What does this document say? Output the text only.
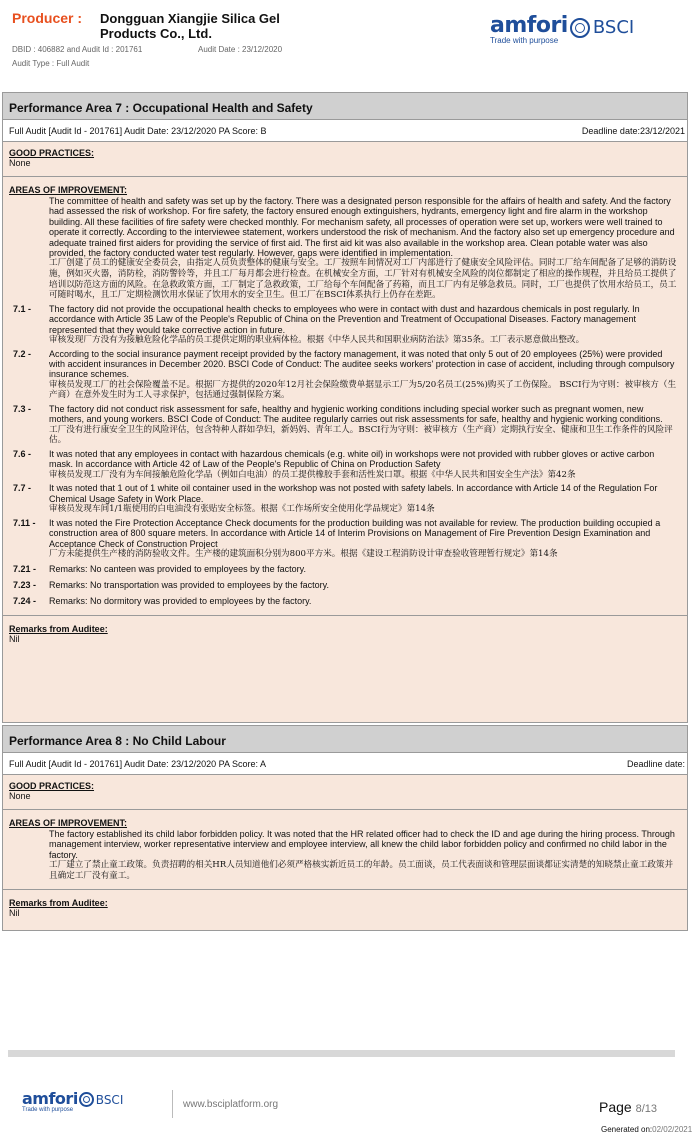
Producer : Dongguan Xiangjie Silica Gel
Products Co., Ltd.
DBID : 406882 and Audit Id : 201761	Audit Date : 23/12/2020
Audit Type : Full Audit
amfori BSCI
Trade with purpose
Performance Area 7 : Occupational Health and Safety
Full Audit [Audit Id - 201761] Audit Date: 23/12/2020 PA Score: B	Deadline date:23/12/2021
GOOD PRACTICES:
None
AREAS OF IMPROVEMENT:
The committee of health and safety was set up by the factory. There was a designated person responsible for the affairs of health and safety. And the factory had assessed the risk of workshop. For fire safety, the factory ensured enough extinguishers, hydrants, emergency light and fire alarm in the workshop building. All these facilities of fire safety were checked monthly. For mechanism safety, all processes of operation were set up, workers were well trained to operate it correctly. According to the interviewee statement, workers understood the risk of mechanism. And the factory also set up emergency procedure and adequate trained first aiders for providing the service of first aid. The first aid kit was also available in the workshop area. Clean potable water was also provided, the factory conducted water test regularly. However, gaps were identified in implementation.
工厂创建了员工的健康安全委员会，由指定人员负责整体的健康与安全。工厂按照车间情况对工厂内部进行了健康安全风险评估。同时工厂给车间配备了足够的消防设施，例如灭火器，消防栓，消防警铃等，并且工厂每月都会进行检查。在机械安全方面，工厂针对有机械安全风险的岗位都制定了相应的操作规程，并且给员工提供了培训以防范这方面的风险。在急救政策方面，工厂制定了急救政策，工厂给每个车间配备了药箱，而且工厂内有足够急救员。同时，工厂也提供了饮用水给员工，员工可随时喝水，且工厂定期检测饮用水保证了饮用水的安全卫生。但工厂在BSCI体系执行上仍存在差距。
7.1 - The factory did not provide the occupational health checks to employees who were in contact with dust and hazardous chemicals in post regularly. In accordance with Article 35 Law of the People's Republic of China on the Prevention and Treatment of Occupational Diseases. Factory management represented that they would take corrective action in future.
审核发现厂方没有为接触危险化学品的员工提供定期的职业病体检。根据《中华人民共和国职业病防治法》第35条。工厂表示愿意做出整改。
7.2 - According to the social insurance payment receipt provided by the factory management, it was noted that only 5 out of 20 employees (25%) were provided with accident insurances in December 2020. BSCI Code of Conduct: The auditee seeks workers' protection in case of accident, including through compulsory insurance schemes.
审核员发现工厂的社会保险覆盖不足。根据厂方提供的2020年12月社会保险缴费单据显示工厂为5/20名员工(25%)购买了工伤保险。 BSCI行为守则：被审核方（生产商）在意外发生时为工人寻求保护，包括通过强制保险方案。
7.3 - The factory did not conduct risk assessment for safe, healthy and hygienic working conditions including special worker such as pregnant women, new mothers, and young workers. BSCI Code of Conduct: The auditee regularly carries out risk assessments for safe, healthy and hygienic working conditions.
工厂没有进行康安全卫生的风险评估，包含特种人群如孕妇，新妈妈、青年工人。BSCI行为守则：被审核方（生产商）定期执行安全、健康和卫生工作条件的风险评估。
7.6 - It was noted that any employees in contact with hazardous chemicals (e.g. white oil) in workshops were not provided with rubber gloves or active carbon mask. In accordance with Article 42 of Law of the People's Republic of China on Production Safety
审核员发现工厂没有为车间接触危险化学品（例如白电油）的员工提供橡胶手套和活性炭口罩。根据《中华人民共和国安全生产法》第42条
7.7 - It was noted that 1 out of 1 white oil container used in the workshop was not posted with safety labels. In accordance with Article 14 of the Regulation For Chemical Usage Safety in Work Place.
审核员发现车间1/1瓶使用的白电油没有张贴安全标签。根据《工作场所安全使用化学品规定》第14条
7.11 - It was noted the Fire Protection Acceptance Check documents for the production building was not available for review. The production building occupied a construction area of 800 square meters. In accordance with Article 14 of Interim Provisions on Management of Fire Prevention Design Examination and Acceptance Check of Construction Project
厂方未能提供生产楼的消防验收文件。生产楼的建筑面积分别为800平方米。根据《建设工程消防设计审查验收管理暂行规定》第14条
7.21 - Remarks: No canteen was provided to employees by the factory.
7.23 - Remarks: No transportation was provided to employees by the factory.
7.24 - Remarks: No dormitory was provided to employees by the factory.
Remarks from Auditee:
Nil
Performance Area 8 : No Child Labour
Full Audit [Audit Id - 201761] Audit Date: 23/12/2020 PA Score: A	Deadline date:
GOOD PRACTICES:
None
AREAS OF IMPROVEMENT:
The factory established its child labor forbidden policy. It was noted that the HR related officer had to check the ID and age during the hiring process. Through management interview, worker representative interview and employee interview, all knew the child labor forbidden policy and confirmed no child labor in the factory.
工厂建立了禁止童工政策。负责招聘的相关HR人员知道他们必须严格核实新近员工的年龄。员工面谈，员工代表面谈和管理层面谈都证实清楚的知晓禁止童工政策并且确定工厂没有童工。
Remarks from Auditee:
Nil
amfori BSCI
Trade with purpose	www.bsciplatform.org	Page 8/13
Generated on:02/02/2021
